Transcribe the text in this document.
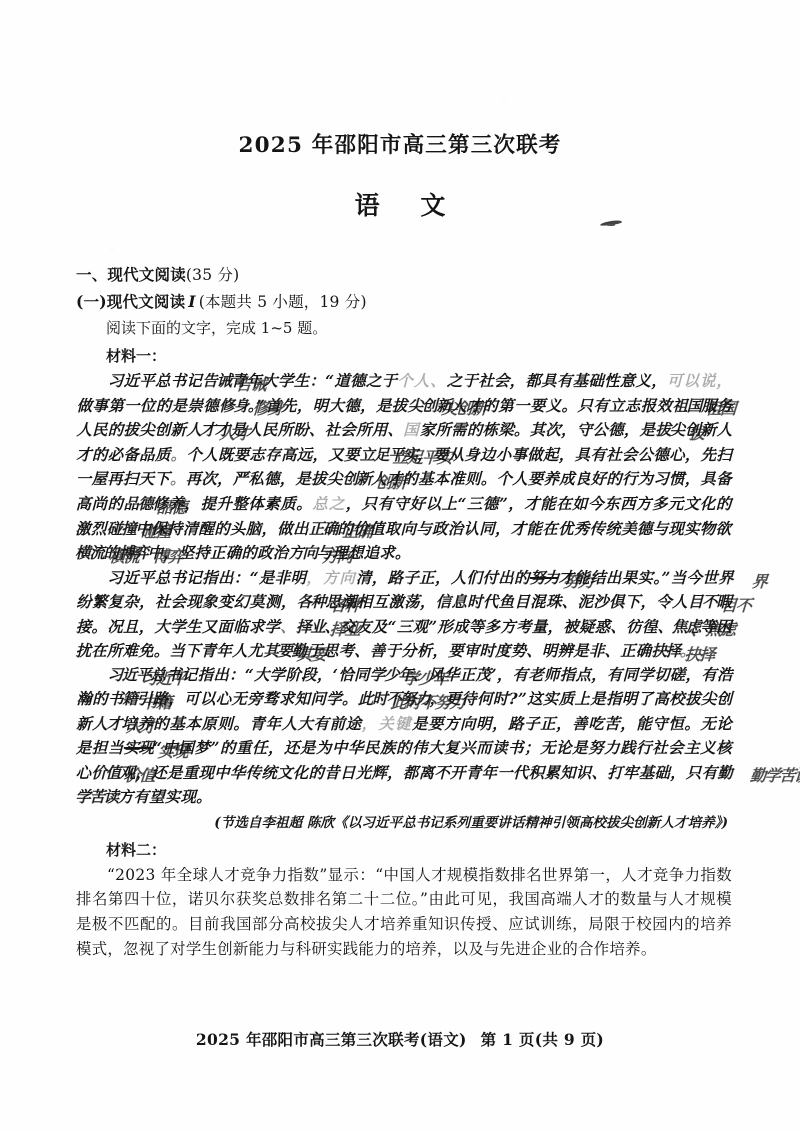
2025 年邵阳市高三第三次联考
语 文
一、现代文阅读(35 分)
(一)现代文阅读 I (本题共 5 小题，19 分)
阅读下面的文字，完成 1~5 题。
材料一：

习近平总书记告诫 告诫青年大学生：“道德之于个人、之于社会，都具有基础性意义，可以说，做事第一位的是崇德修身 修身。”首先，明大德，是拔尖创新 尖创新人才的第一要义。只有立志报效祖国 祖国服务人民的拔尖创新人才 人才才是人民所盼、社会所用、国家所需的栋梁。其次，守公德，是拔 拔尖创新人才的必备品质。个人既要志存高远，又要立足平实 立足平实，要从身边小事做起，具有社会公德心，先扫一屋再扫天下。再次，严私德，是拔尖创新 创新人才的基本准则。个人要养成良好的行为习惯，具备高尚的品德 品德修养，提升整体素质。总之，只有守好以上“三德”，才能在如今东西方多元文化的激烈碰撞 碰撞中保持清醒的头脑，做出正确 正确的价值取向与政治认同，才能在优秀传统美德与现实物欲横流 横流的博弈 博弈中，坚持正确的政治方向 方向与理想追求。

习近平总书记指出：“是非明，方向清，路子正，人们付出的努力 努力才能结出果实。”当今世界 界纷繁复杂，社会现象变幻莫测，各种 各种思潮相互激荡，信息时代鱼目混珠、泥沙俱下，令人目不 目不暇接。况且，大学生又面临求学、择业 择业、交友及“三观”形成等多方考量，被疑惑、彷徨、焦虑 、焦虑等困扰在所难免。当下青年人尤其要 其要勤于思考、善于分析，要审时度势、明辨是非、正确抉择 抉择。

习近平 习近平总书记指出：“大学阶段，‘恰同学少年 学少年、风华正茂’，有老师指点，有同学切磋，有浩瀚的书籍 书籍引路，可以心无旁骛求知问学。此时不努力 此时不努力，更待何时?”这实质上是指明了高校拔尖创新人才 人才培养的基本原则。青年人大有前途，关键是要方向明，路子正，善吃苦，能守恒。无论是担当实现 实现“中国梦”的重任，还是为中华民族的伟大复兴而读书；无论是努力践行社会主义核心价值 价值观，还是重现中华传统文化的昔日光辉，都离不开青年一代积累知识、打牢基础，只有勤学苦读 勤学苦读方有望实现。

(节选自李祖超 陈欣《以习近平总书记系列重要讲话精神引领高校拔尖创新人才培养》)
材料二：

“2023 年全球人才竞争力指数”显示：“中国人才规模指数排名世界第一，人才竞争力指数排名第四十位，诺贝尔获奖总数排名第二十二位。”由此可见，我国高端人才的数量与人才规模是极不匹配的。目前我国部分高校拔尖人才培养重知识传授、应试训练，局限于校园内的培养模式，忽视了对学生创新能力与科研实践能力的培养，以及与先进企业的合作培养。

2025 年邵阳市高三第三次联考(语文) 第 1 页(共 9 页)
